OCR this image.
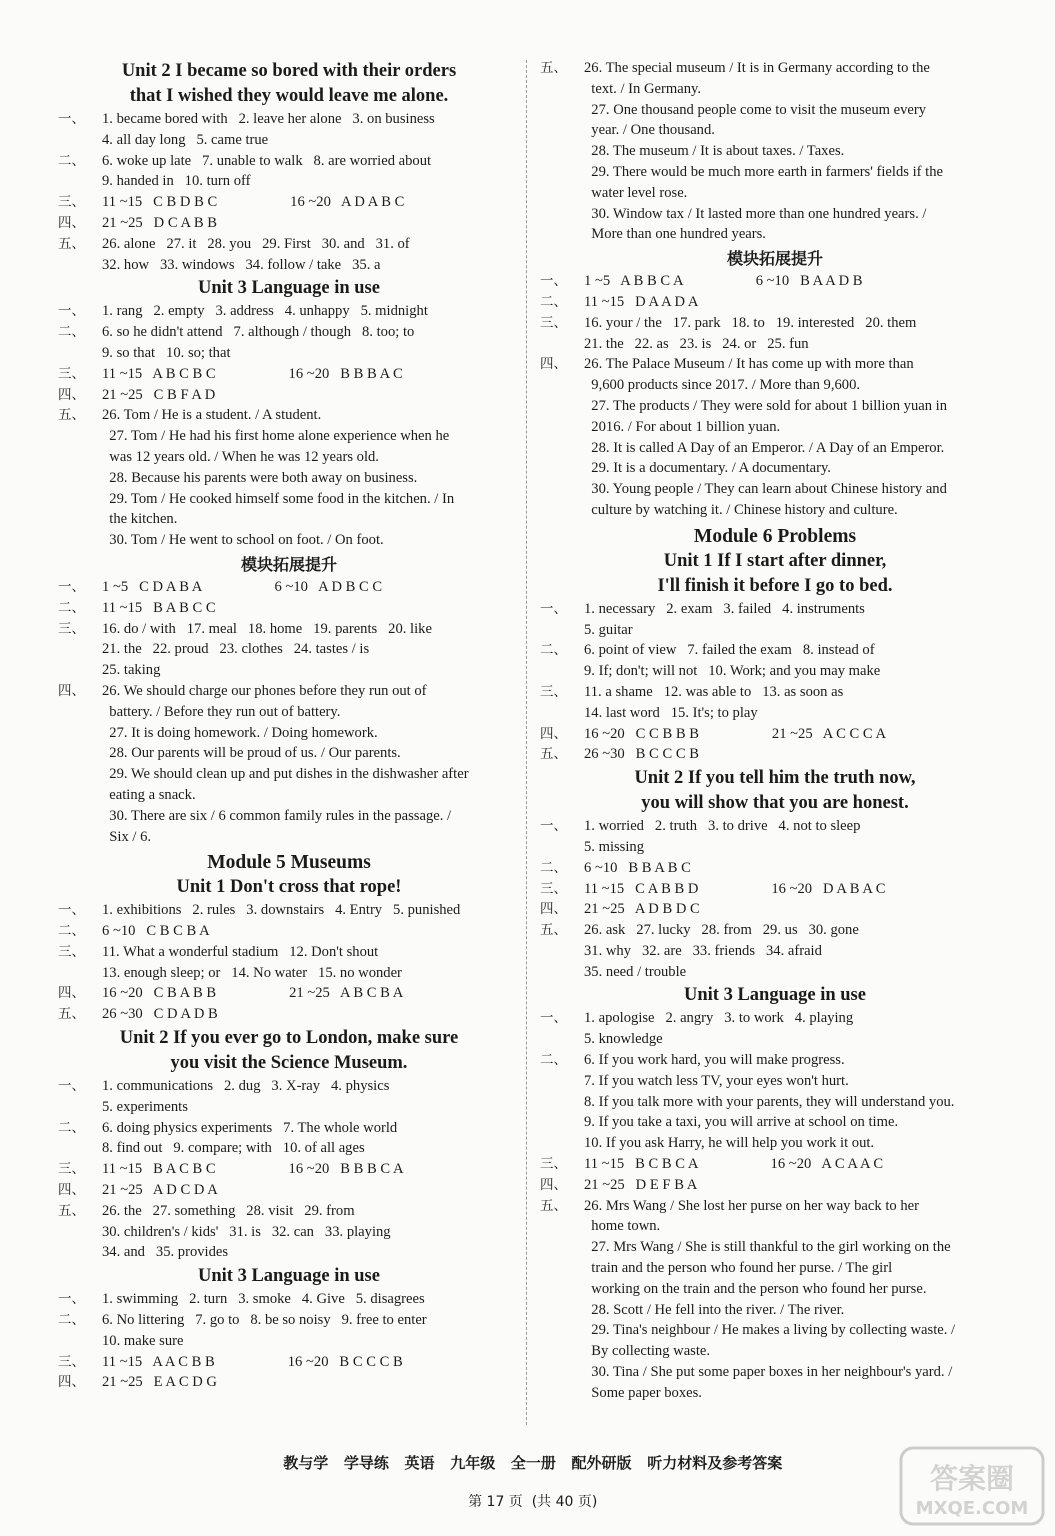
Unit 2 I became so bored with their orders
that I wished they would leave me alone.
一、	1. became bored with   2. leave her alone   3. on business
4. all day long   5. came true
二、	6. woke up late   7. unable to walk   8. are worried about
9. handed in   10. turn off
三、	11 ~15   C B D B C                    16 ~20   A D A B C
四、	21 ~25   D C A B B
五、	26. alone   27. it   28. you   29. First   30. and   31. of
32. how   33. windows   34. follow / take   35. a
Unit 3 Language in use
一、	1. rang   2. empty   3. address   4. unhappy   5. midnight
二、	6. so he didn't attend   7. although / though   8. too; to
9. so that   10. so; that
三、	11 ~15   A B C B C                    16 ~20   B B B A C
四、	21 ~25   C B F A D
五、	26. Tom / He is a student. / A student.
27. Tom / He had his first home alone experience when he
was 12 years old. / When he was 12 years old.
28. Because his parents were both away on business.
29. Tom / He cooked himself some food in the kitchen. / In
the kitchen.
30. Tom / He went to school on foot. / On foot.
模块拓展提升
一、	1 ~5   C D A B A                    6 ~10   A D B C C
二、	11 ~15   B A B C C
三、	16. do / with   17. meal   18. home   19. parents   20. like
21. the   22. proud   23. clothes   24. tastes / is
25. taking
四、	26. We should charge our phones before they run out of
battery. / Before they run out of battery.
27. It is doing homework. / Doing homework.
28. Our parents will be proud of us. / Our parents.
29. We should clean up and put dishes in the dishwasher after
eating a snack.
30. There are six / 6 common family rules in the passage. /
Six / 6.
Module 5 Museums
Unit 1 Don't cross that rope!
一、	1. exhibitions   2. rules   3. downstairs   4. Entry   5. punished
二、	6 ~10   C B C B A
三、	11. What a wonderful stadium   12. Don't shout
13. enough sleep; or   14. No water   15. no wonder
四、	16 ~20   C B A B B                    21 ~25   A B C B A
五、	26 ~30   C D A D B
Unit 2 If you ever go to London, make sure
you visit the Science Museum.
一、	1. communications   2. dug   3. X-ray   4. physics
5. experiments
二、	6. doing physics experiments   7. The whole world
8. find out   9. compare; with   10. of all ages
三、	11 ~15   B A C B C                    16 ~20   B B B C A
四、	21 ~25   A D C D A
五、	26. the   27. something   28. visit   29. from
30. children's / kids'   31. is   32. can   33. playing
34. and   35. provides
Unit 3 Language in use
一、	1. swimming   2. turn   3. smoke   4. Give   5. disagrees
二、	6. No littering   7. go to   8. be so noisy   9. free to enter
10. make sure
三、	11 ~15   A A C B B                    16 ~20   B C C C B
四、	21 ~25   E A C D G
五、	26. The special museum / It is in Germany according to the
text. / In Germany.
27. One thousand people come to visit the museum every
year. / One thousand.
28. The museum / It is about taxes. / Taxes.
29. There would be much more earth in farmers' fields if the
water level rose.
30. Window tax / It lasted more than one hundred years. /
More than one hundred years.
模块拓展提升
一、	1 ~5   A B B C A                    6 ~10   B A A D B
二、	11 ~15   D A A D A
三、	16. your / the   17. park   18. to   19. interested   20. them
21. the   22. as   23. is   24. or   25. fun
四、	26. The Palace Museum / It has come up with more than
9,600 products since 2017. / More than 9,600.
27. The products / They were sold for about 1 billion yuan in
2016. / For about 1 billion yuan.
28. It is called A Day of an Emperor. / A Day of an Emperor.
29. It is a documentary. / A documentary.
30. Young people / They can learn about Chinese history and
culture by watching it. / Chinese history and culture.
Module 6 Problems
Unit 1 If I start after dinner,
I'll finish it before I go to bed.
一、	1. necessary   2. exam   3. failed   4. instruments
5. guitar
二、	6. point of view   7. failed the exam   8. instead of
9. If; don't; will not   10. Work; and you may make
三、	11. a shame   12. was able to   13. as soon as
14. last word   15. It's; to play
四、	16 ~20   C C B B B                    21 ~25   A C C C A
五、	26 ~30   B C C C B
Unit 2 If you tell him the truth now,
you will show that you are honest.
一、	1. worried   2. truth   3. to drive   4. not to sleep
5. missing
二、	6 ~10   B B A B C
三、	11 ~15   C A B B D                    16 ~20   D A B A C
四、	21 ~25   A D B D C
五、	26. ask   27. lucky   28. from   29. us   30. gone
31. why   32. are   33. friends   34. afraid
35. need / trouble
Unit 3 Language in use
一、	1. apologise   2. angry   3. to work   4. playing
5. knowledge
二、	6. If you work hard, you will make progress.
7. If you watch less TV, your eyes won't hurt.
8. If you talk more with your parents, they will understand you.
9. If you take a taxi, you will arrive at school on time.
10. If you ask Harry, he will help you work it out.
三、	11 ~15   B C B C A                    16 ~20   A C A A C
四、	21 ~25   D E F B A
五、	26. Mrs Wang / She lost her purse on her way back to her
home town.
27. Mrs Wang / She is still thankful to the girl working on the
train and the person who found her purse. / The girl
working on the train and the person who found her purse.
28. Scott / He fell into the river. / The river.
29. Tina's neighbour / He makes a living by collecting waste. /
By collecting waste.
30. Tina / She put some paper boxes in her neighbour's yard. /
Some paper boxes.

教与学   学导练   英语   九年级   全一册   配外研版   听力材料及参考答案

第 17 页  (共 40 页)

答案圈
MXQE.COM
